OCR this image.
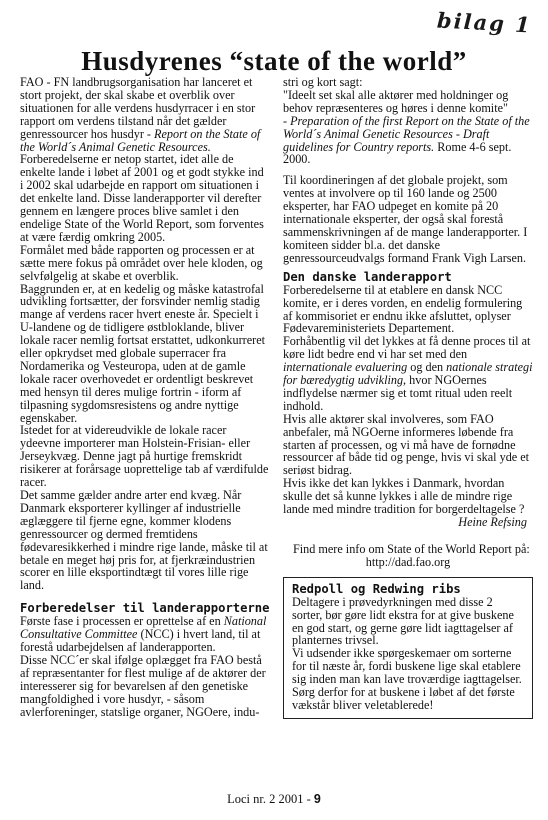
bilag 1
Husdyrenes “state of the world”

FAO - FN landbrugsorganisation har lanceret et stort projekt, der skal skabe et overblik over situationen for alle verdens husdyrracer i en stor rapport om verdens tilstand når det gælder genressourcer hos husdyr - Report on the State of the World´s Animal Genetic Resources.

Forberedelserne er netop startet, idet alle de enkelte lande i løbet af 2001 og et godt stykke ind i 2002 skal udarbejde en rapport om situationen i det enkelte land. Disse landerapporter vil derefter gennem en længere proces blive samlet i den endelige State of the World Report, som forventes at være færdig omkring 2005.

Formålet med både rapporten og processen er at sætte mere fokus på området over hele kloden, og selvfølgelig at skabe et overblik.

Baggrunden er, at en kedelig og måske katastrofal udvikling fortsætter, der forsvinder nemlig stadig mange af verdens racer hvert eneste år. Specielt i U-landene og de tidligere østbloklande, bliver lokale racer nemlig fortsat erstattet, udkonkurreret eller opkrydset med globale superracer fra Nordamerika og Vesteuropa, uden at de gamle lokale racer overhovedet er ordentligt beskrevet med hensyn til deres mulige fortrin - iform af tilpasning sygdomsresistens og andre nyttige egenskaber.

Istedet for at videreudvikle de lokale racer ydeevne importerer man Holstein-Frisian- eller Jerseykvæg. Denne jagt på hurtige fremskridt risikerer at forårsage uoprettelige tab af værdifulde racer.

Det samme gælder andre arter end kvæg. Når Danmark eksporterer kyllinger af industrielle æglæggere til fjerne egne, kommer klodens genressourcer og dermed fremtidens fødevaresikkerhed i mindre rige lande, måske til at betale en meget høj pris for, at fjerkræindustrien scorer en lille eksportindtægt til vores lille rige land.

Forberedelser til landerapporterne

Første fase i processen er oprettelse af en National Consultative Committee (NCC) i hvert land, til at forestå udarbejdelsen af landerapporten.

Disse NCC´er skal ifølge oplægget fra FAO bestå af repræsentanter for flest mulige af de aktører der interesserer sig for bevarelsen af den genetiske mangfoldighed i vore husdyr, - såsom avlerforeninger, statslige organer, NGOere, indu-

stri og kort sagt:

"Ideelt set skal alle aktører med holdninger og behov repræsenteres og høres i denne komite"

- Preparation of the first Report on the State of the World´s Animal Genetic Resources - Draft guidelines for Country reports. Rome 4-6 sept. 2000.

Til koordineringen af det globale projekt, som ventes at involvere op til 160 lande og 2500 eksperter, har FAO udpeget en komite på 20 internationale eksperter, der også skal forestå sammenskrivningen af de mange landerapporter. I komiteen sidder bl.a. det danske genressourceudvalgs formand Frank Vigh Larsen.

Den danske landerapport

Forberedelserne til at etablere en dansk NCC komite, er i deres vorden, en endelig formulering af kommisoriet er endnu ikke afsluttet, oplyser Fødevareministeriets Departement.

Forhåbentlig vil det lykkes at få denne proces til at køre lidt bedre end vi har set med den internationale evaluering og den nationale strategi for bæredygtig udvikling, hvor NGOernes indflydelse nærmer sig et tomt ritual uden reelt indhold.

Hvis alle aktører skal involveres, som FAO anbefaler, må NGOerne informeres løbende fra starten af processen, og vi må have de fornødne ressourcer af både tid og penge, hvis vi skal yde et seriøst bidrag.

Hvis ikke det kan lykkes i Danmark, hvordan skulle det så kunne lykkes i alle de mindre rige lande med mindre tradition for borgerdeltagelse ?

Heine Refsing

Find mere info om State of the World Report på:

http://dad.fao.org

Redpoll og Redwing ribs

Deltagere i prøvedyrkningen med disse 2 sorter, bør gøre lidt ekstra for at give buskene en god start, og gerne gøre lidt iagttagelser af planternes trivsel.

Vi udsender ikke spørgeskemaer om sorterne for til næste år, fordi buskene lige skal etablere sig inden man kan lave troværdige iagttagelser.

Sørg derfor for at buskene i løbet af det første vækstår bliver veletablerede!

Loci nr. 2 2001 - 9
